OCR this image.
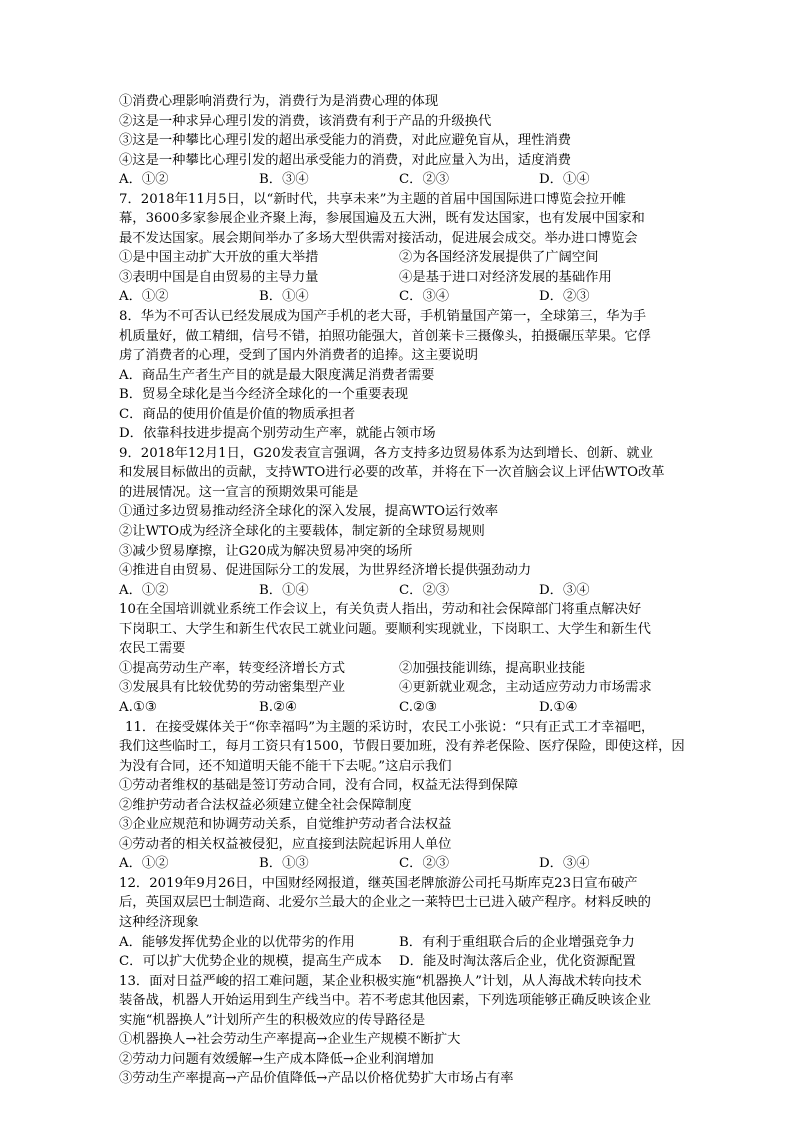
①消费心理影响消费行为，消费行为是消费心理的体现
②这是一种求异心理引发的消费，该消费有利于产品的升级换代
③这是一种攀比心理引发的超出承受能力的消费，对此应避免盲从，理性消费
④这是一种攀比心理引发的超出承受能力的消费，对此应量入为出，适度消费
A．①②	B．③④	C．②③	D．①④
7．2018年11月5日，以“新时代，共享未来”为主题的首届中国国际进口博览会拉开帷
幕，3600多家参展企业齐聚上海，参展国遍及五大洲，既有发达国家，也有发展中国家和
最不发达国家。展会期间举办了多场大型供需对接活动，促进展会成交。举办进口博览会
①是中国主动扩大开放的重大举措	②为各国经济发展提供了广阔空间
③表明中国是自由贸易的主导力量	④是基于进口对经济发展的基础作用
A．①②	B．①④	C．③④	D．②③
8．华为不可否认已经发展成为国产手机的老大哥，手机销量国产第一，全球第三，华为手
机质量好，做工精细，信号不错，拍照功能强大，首创莱卡三摄像头，拍摄碾压苹果。它俘
虏了消费者的心理，受到了国内外消费者的追捧。这主要说明
A．商品生产者生产目的就是最大限度满足消费者需要
B．贸易全球化是当今经济全球化的一个重要表现
C．商品的使用价值是价值的物质承担者
D．依靠科技进步提高个别劳动生产率，就能占领市场
9．2018年12月1日，G20发表宣言强调，各方支持多边贸易体系为达到增长、创新、就业
和发展目标做出的贡献，支持WTO进行必要的改革，并将在下一次首脑会议上评估WTO改革
的进展情况。这一宣言的预期效果可能是
①通过多边贸易推动经济全球化的深入发展，提高WTO运行效率
②让WTO成为经济全球化的主要载体，制定新的全球贸易规则
③减少贸易摩擦，让G20成为解决贸易冲突的场所
④推进自由贸易、促进国际分工的发展，为世界经济增长提供强劲动力
A．①②	B．①④	C．②③	D．③④
10在全国培训就业系统工作会议上，有关负责人指出，劳动和社会保障部门将重点解决好
下岗职工、大学生和新生代农民工就业问题。要顺利实现就业，下岗职工、大学生和新生代
农民工需要
①提高劳动生产率，转变经济增长方式	②加强技能训练，提高职业技能
③发展具有比较优势的劳动密集型产业	④更新就业观念，主动适应劳动力市场需求
A.①③	B.②④	C.②③	D.①④
11．在接受媒体关于“你幸福吗”为主题的采访时，农民工小张说：“只有正式工才幸福吧，
我们这些临时工，每月工资只有1500，节假日要加班，没有养老保险、医疗保险，即使这样，因
为没有合同，还不知道明天能不能干下去呢。”这启示我们
①劳动者维权的基础是签订劳动合同，没有合同，权益无法得到保障
②维护劳动者合法权益必须建立健全社会保障制度
③企业应规范和协调劳动关系，自觉维护劳动者合法权益
④劳动者的相关权益被侵犯，应直接到法院起诉用人单位
A．①②	B．①③	C．②③	D．③④
12．2019年9月26日，中国财经网报道，继英国老牌旅游公司托马斯库克23日宣布破产
后，英国双层巴士制造商、北爱尔兰最大的企业之一莱特巴士已进入破产程序。材料反映的
这种经济现象
A．能够发挥优势企业的以优带劣的作用	B．有利于重组联合后的企业增强竞争力
C．可以扩大优势企业的规模，提高生产成本 D．能及时淘汰落后企业，优化资源配置
13．面对日益严峻的招工难问题，某企业积极实施“机器换人”计划，从人海战术转向技术
装备战，机器人开始运用到生产线当中。若不考虑其他因素，下列选项能够正确反映该企业
实施“机器换人”计划所产生的积极效应的传导路径是
①机器换人→社会劳动生产率提高→企业生产规模不断扩大
②劳动力问题有效缓解→生产成本降低→企业利润增加
③劳动生产率提高→产品价值降低→产品以价格优势扩大市场占有率
